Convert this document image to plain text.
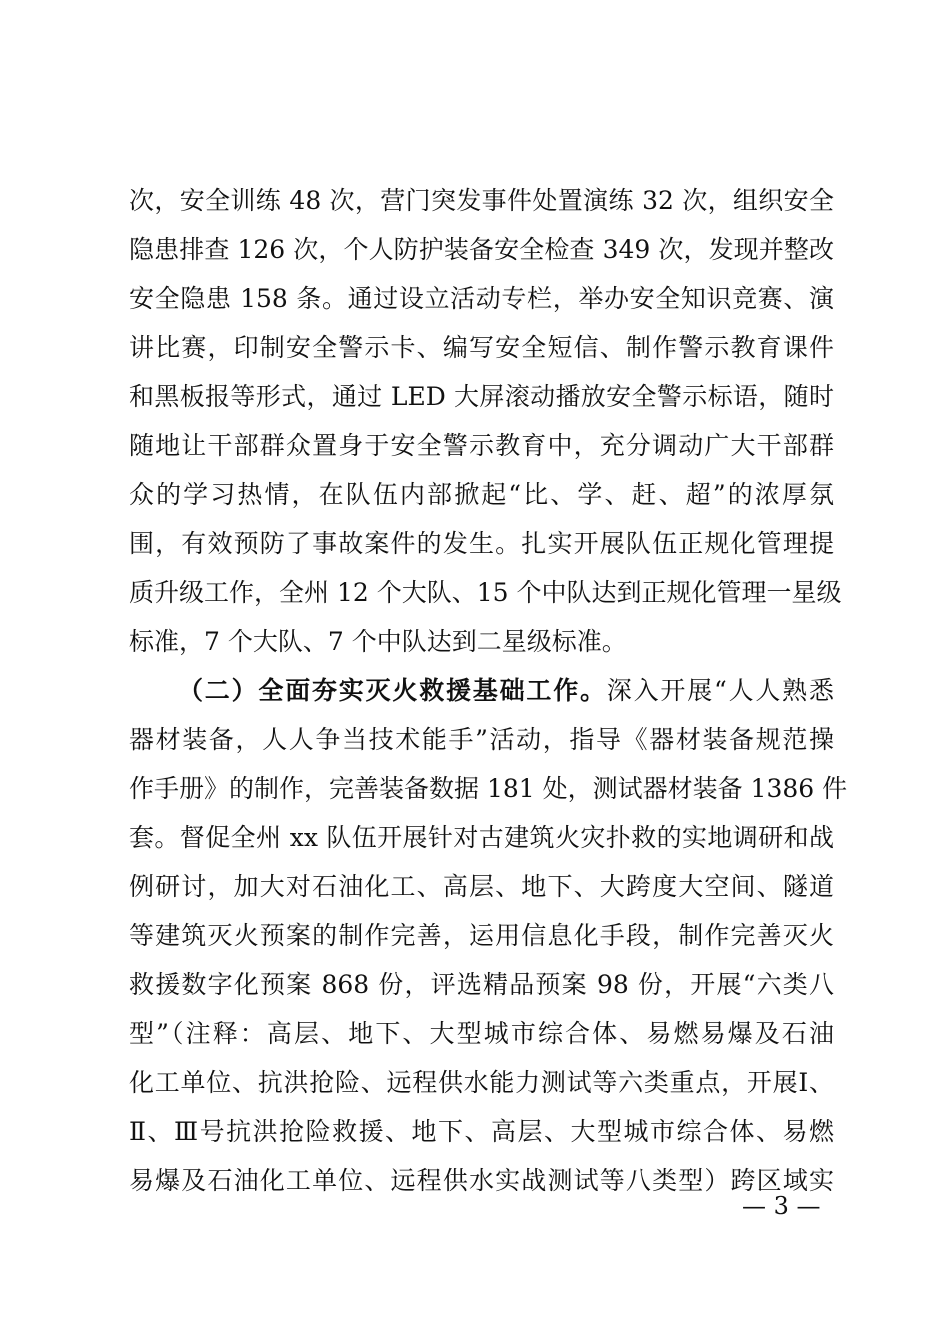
次，安全训练 48 次，营门突发事件处置演练 32 次，组织安全
隐患排查 126 次，个人防护装备安全检查 349 次，发现并整改
安全隐患 158 条。通过设立活动专栏，举办安全知识竞赛、演
讲比赛，印制安全警示卡、编写安全短信、制作警示教育课件
和黑板报等形式，通过 LED 大屏滚动播放安全警示标语，随时
随地让干部群众置身于安全警示教育中，充分调动广大干部群
众的学习热情，在队伍内部掀起“比、学、赶、超”的浓厚氛
围，有效预防了事故案件的发生。扎实开展队伍正规化管理提
质升级工作，全州 12 个大队、15 个中队达到正规化管理一星级
标准，7 个大队、7 个中队达到二星级标准。
（二）全面夯实灭火救援基础工作。深入开展“人人熟悉
器材装备，人人争当技术能手”活动，指导《器材装备规范操
作手册》的制作，完善装备数据 181 处，测试器材装备 1386 件
套。督促全州 xx 队伍开展针对古建筑火灾扑救的实地调研和战
例研讨，加大对石油化工、高层、地下、大跨度大空间、隧道
等建筑灭火预案的制作完善，运用信息化手段，制作完善灭火
救援数字化预案 868 份，评选精品预案 98 份，开展“六类八
型”（注释：高层、地下、大型城市综合体、易燃易爆及石油
化工单位、抗洪抢险、远程供水能力测试等六类重点，开展Ⅰ、
Ⅱ、Ⅲ号抗洪抢险救援、地下、高层、大型城市综合体、易燃
易爆及石油化工单位、远程供水实战测试等八类型）跨区域实
— 3 —
